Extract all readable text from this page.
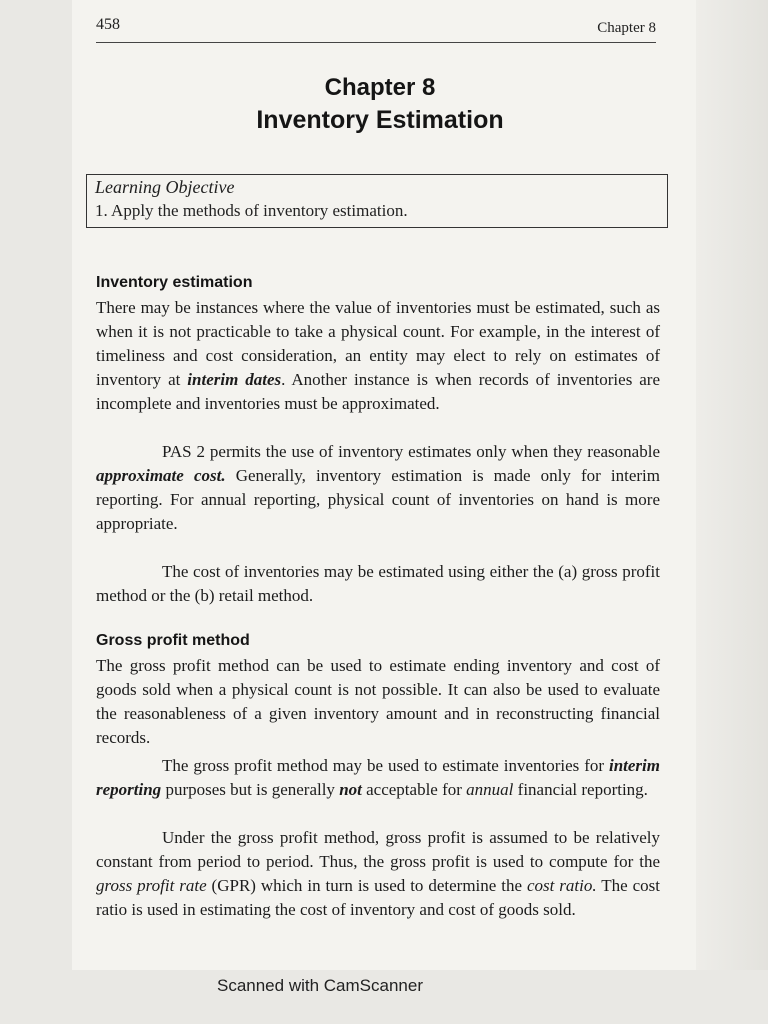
458	Chapter 8
Chapter 8
Inventory Estimation
Learning Objective
1. Apply the methods of inventory estimation.
Inventory estimation
There may be instances where the value of inventories must be estimated, such as when it is not practicable to take a physical count. For example, in the interest of timeliness and cost consideration, an entity may elect to rely on estimates of inventory at interim dates. Another instance is when records of inventories are incomplete and inventories must be approximated.
PAS 2 permits the use of inventory estimates only when they reasonable approximate cost. Generally, inventory estimation is made only for interim reporting. For annual reporting, physical count of inventories on hand is more appropriate.
The cost of inventories may be estimated using either the (a) gross profit method or the (b) retail method.
Gross profit method
The gross profit method can be used to estimate ending inventory and cost of goods sold when a physical count is not possible. It can also be used to evaluate the reasonableness of a given inventory amount and in reconstructing financial records.
The gross profit method may be used to estimate inventories for interim reporting purposes but is generally not acceptable for annual financial reporting.
Under the gross profit method, gross profit is assumed to be relatively constant from period to period. Thus, the gross profit is used to compute for the gross profit rate (GPR) which in turn is used to determine the cost ratio. The cost ratio is used in estimating the cost of inventory and cost of goods sold.
Scanned with CamScanner
